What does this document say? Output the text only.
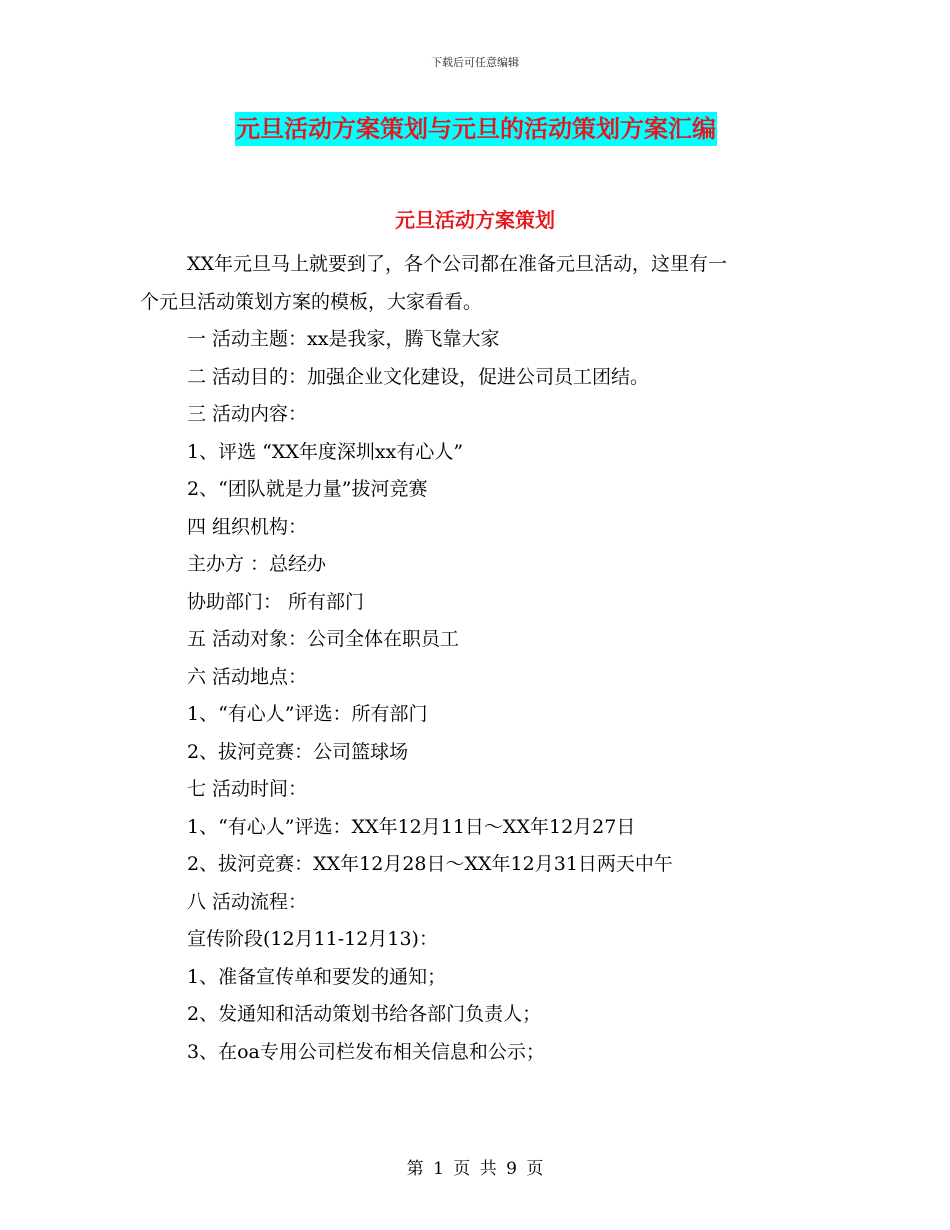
下载后可任意编辑
元旦活动方案策划与元旦的活动策划方案汇编
元旦活动方案策划

XX年元旦马上就要到了，各个公司都在准备元旦活动，这里有一

个元旦活动策划方案的模板，大家看看。

一 活动主题：xx是我家，腾飞靠大家

二 活动目的：加强企业文化建设，促进公司员工团结。

三 活动内容：

1、评选 “XX年度深圳xx有心人”

2、“团队就是力量”拔河竞赛

四 组织机构：

主办方 ：总经办

协助部门： 所有部门

五 活动对象：公司全体在职员工

六 活动地点：

1、“有心人”评选：所有部门

2、拔河竞赛：公司篮球场

七 活动时间：

1、“有心人”评选：XX年12月11日～XX年12月27日

2、拔河竞赛：XX年12月28日～XX年12月31日两天中午

八 活动流程：

宣传阶段(12月11-12月13)：

1、准备宣传单和要发的通知；

2、发通知和活动策划书给各部门负责人；

3、在oa专用公司栏发布相关信息和公示；

第 1 页 共 9 页
